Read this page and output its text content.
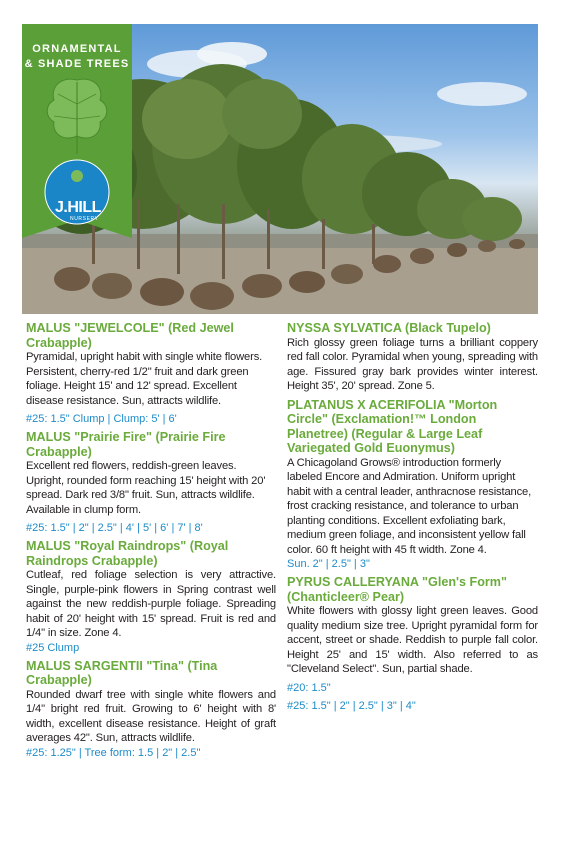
ORNAMENTAL
& SHADE TREES
J.HILL
NURSERY

MALUS "JEWELCOLE" (Red Jewel Crabapple)

Pyramidal, upright habit with single white flowers. Persistent, cherry-red 1/2" fruit and dark green foliage. Height 15' and 12' spread. Excellent disease resistance. Sun, attracts wildlife.

#25: 1.5" Clump | Clump: 5' | 6'

MALUS "Prairie Fire" (Prairie Fire Crabapple)

Excellent red flowers, reddish-green leaves. Upright, rounded form reaching 15' height with 20' spread. Dark red 3/8" fruit. Sun, attracts wildlife. Available in clump form.

#25: 1.5" | 2" | 2.5" | 4' | 5' | 6' | 7' | 8'

MALUS "Royal Raindrops" (Royal Raindrops Crabapple)

Cutleaf, red foliage selection is very attractive. Single, purple-pink flowers in Spring contrast well against the new reddish-purple foliage. Spreading habit of 20' height with 15' spread. Fruit is red and 1/4" in size. Zone 4.

#25 Clump

MALUS SARGENTII "Tina" (Tina Crabapple)

Rounded dwarf tree with single white flowers and 1/4" bright red fruit. Growing to 6' height with 8' width, excellent disease resistance. Height of graft averages 42". Sun, attracts wildlife.

#25: 1.25" | Tree form: 1.5 | 2" | 2.5"

NYSSA SYLVATICA (Black Tupelo)

Rich glossy green foliage turns a brilliant coppery red fall color. Pyramidal when young, spreading with age. Fissured gray bark provides winter interest. Height 35', 20' spread. Zone 5.

PLATANUS X ACERIFOLIA "Morton Circle" (Exclamation!™ London Planetree) (Regular & Large Leaf Variegated Gold Euonymus)

A Chicagoland Grows® introduction formerly labeled Encore and Admiration. Uniform upright habit with a central leader, anthracnose resistance, frost cracking resistance, and tolerance to urban planting conditions. Excellent exfoliating bark, medium green foliage, and inconsistent yellow fall color. 60 ft height with 45 ft width. Zone 4.

Sun. 2" | 2.5" | 3"

PYRUS CALLERYANA "Glen's Form" (Chanticleer® Pear)

White flowers with glossy light green leaves. Good quality medium size tree. Upright pyramidal form for accent, street or shade. Reddish to purple fall color. Height 25' and 15' width. Also referred to as "Cleveland Select". Sun, partial shade.

#20: 1.5"

#25: 1.5" | 2" | 2.5" | 3" | 4"
